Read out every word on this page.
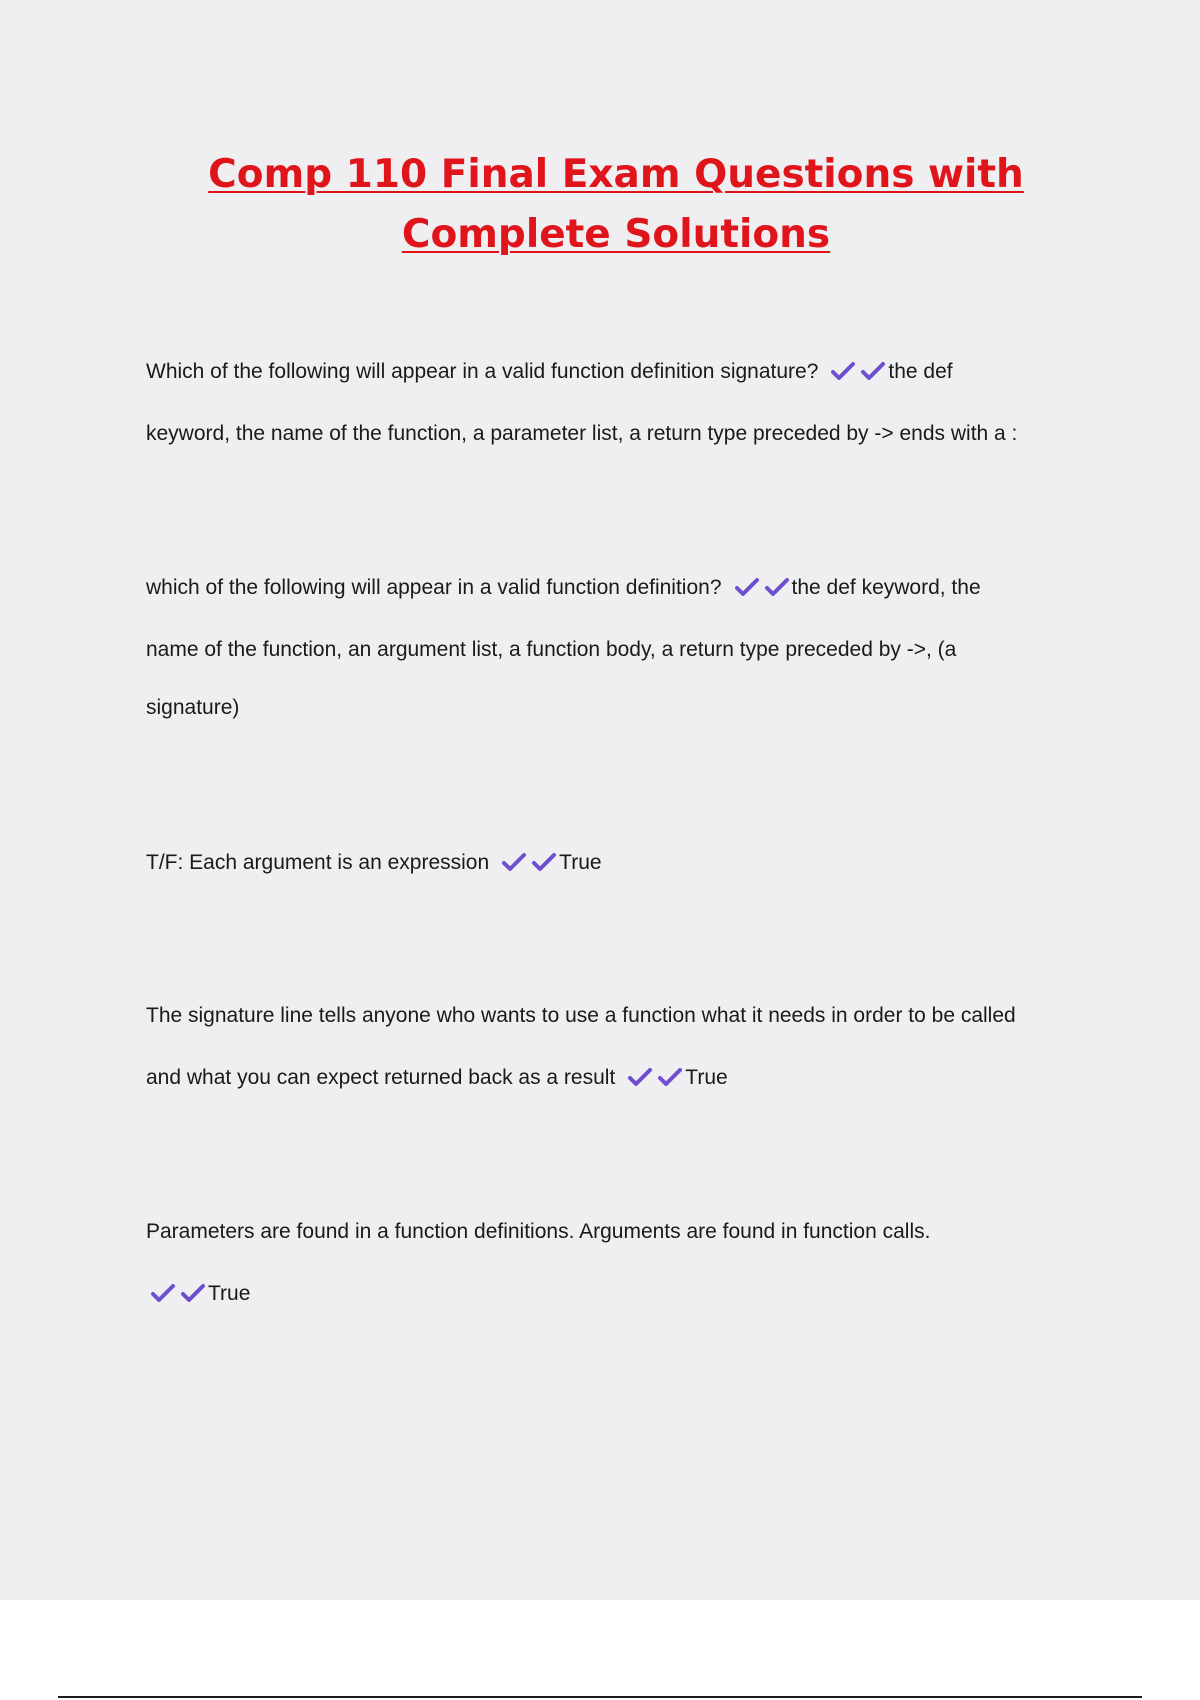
Comp 110 Final Exam Questions with
Complete Solutions

Which of the following will appear in a valid function definition signature?	the def
keyword, the name of the function, a parameter list, a return type preceded by -> ends with a :

which of the following will appear in a valid function definition?	the def keyword, the
name of the function, an argument list, a function body, a return type preceded by ->, (a
signature)

T/F: Each argument is an expression	True

The signature line tells anyone who wants to use a function what it needs in order to be called
and what you can expect returned back as a result	True

Parameters are found in a function definitions. Arguments are found in function calls.
True
